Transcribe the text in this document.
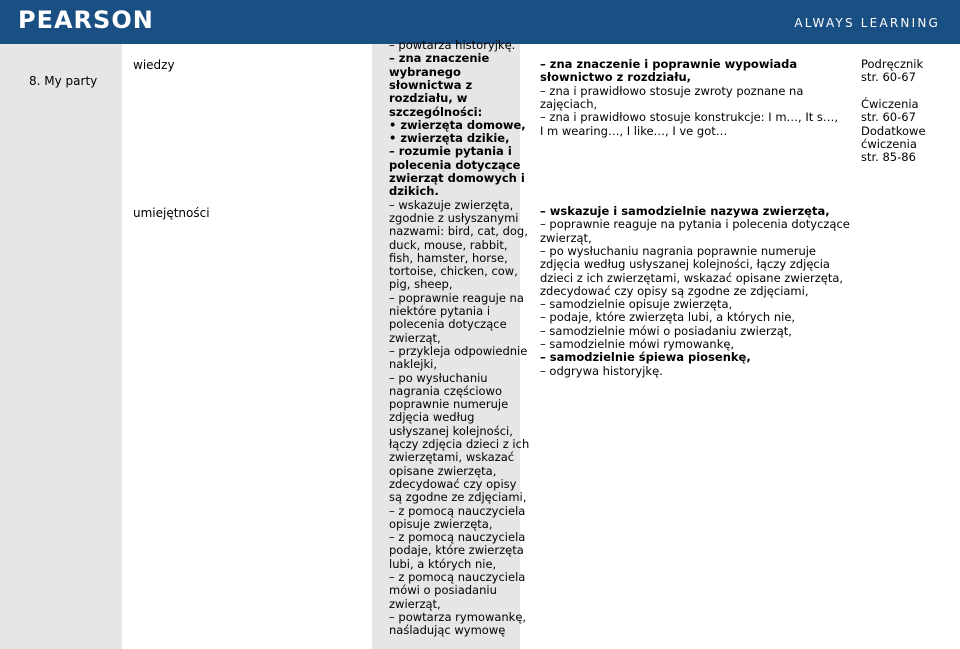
PEARSON	ALWAYS LEARNING
8. My party
wiedzy
umiejętności
– powtarza historyjkę.
– zna znaczenie
wybranego
słownictwa z
rozdziału, w
szczególności:
• zwierzęta domowe,
• zwierzęta dzikie,
– rozumie pytania i
polecenia dotyczące
zwierząt domowych i
dzikich.
– wskazuje zwierzęta,
zgodnie z usłyszanymi
nazwami: bird, cat, dog,
duck, mouse, rabbit,
fish, hamster, horse,
tortoise, chicken, cow,
pig, sheep,
– poprawnie reaguje na
niektóre pytania i
polecenia dotyczące
zwierząt,
– przykleja odpowiednie
naklejki,
– po wysłuchaniu
nagrania częściowo
poprawnie numeruje
zdjęcia według
usłyszanej kolejności,
łączy zdjęcia dzieci z ich
zwierzętami, wskazać
opisane zwierzęta,
zdecydować czy opisy
są zgodne ze zdjęciami,
– z pomocą nauczyciela
opisuje zwierzęta,
– z pomocą nauczyciela
podaje, które zwierzęta
lubi, a których nie,
– z pomocą nauczyciela
mówi o posiadaniu
zwierząt,
– powtarza rymowankę,
naśladując wymowę
– zna znaczenie i poprawnie wypowiada
słownictwo z rozdziału,
– zna i prawidłowo stosuje zwroty poznane na
zajęciach,
– zna i prawidłowo stosuje konstrukcje: I m…, It s…,
I m wearing…, I like…, I ve got…
– wskazuje i samodzielnie nazywa zwierzęta,
– poprawnie reaguje na pytania i polecenia dotyczące
zwierząt,
– po wysłuchaniu nagrania poprawnie numeruje
zdjęcia według usłyszanej kolejności, łączy zdjęcia
dzieci z ich zwierzętami, wskazać opisane zwierzęta,
zdecydować czy opisy są zgodne ze zdjęciami,
– samodzielnie opisuje zwierzęta,
– podaje, które zwierzęta lubi, a których nie,
– samodzielnie mówi o posiadaniu zwierząt,
– samodzielnie mówi rymowankę,
– samodzielnie śpiewa piosenkę,
– odgrywa historyjkę.
Podręcznik
str. 60-67
Ćwiczenia
str. 60-67
Dodatkowe
ćwiczenia
str. 85-86
